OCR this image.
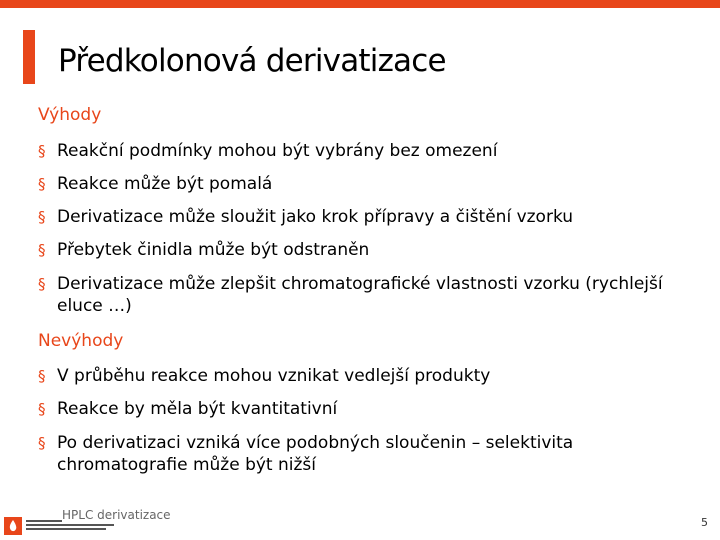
Předkolonová derivatizace
Výhody
§ Reakční podmínky mohou být vybrány bez omezení
§ Reakce může být pomalá
§ Derivatizace může sloužit jako krok přípravy a čištění vzorku
§ Přebytek činidla může být odstraněn
§ Derivatizace může zlepšit chromatografické vlastnosti vzorku (rychlejší eluce …)
Nevýhody
§ V průběhu reakce mohou vznikat vedlejší produkty
§ Reakce by měla být kvantitativní
§ Po derivatizaci vzniká více podobných sloučenin – selektivita chromatografie může být nižší
HPLC derivatizace
5
